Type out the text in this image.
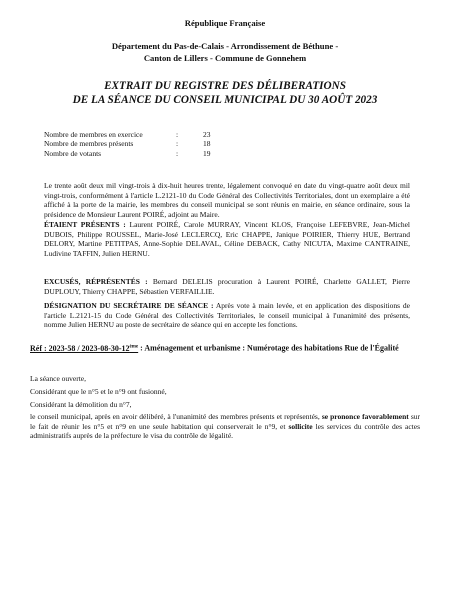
République Française
Département du Pas-de-Calais - Arrondissement de Béthune -
Canton de Lillers - Commune de Gonnehem
EXTRAIT DU REGISTRE DES DÉLIBERATIONS
DE LA SÉANCE DU CONSEIL MUNICIPAL DU 30 AOÛT 2023
Nombre de membres en exercice	:	23
Nombre de membres présents	:	18
Nombre de votants	:	19
Le trente août deux mil vingt-trois à dix-huit heures trente, légalement convoqué en date du vingt-quatre août deux mil vingt-trois, conformément à l'article L.2121-10 du Code Général des Collectivités Territoriales, dont un exemplaire a été affiché à la porte de la mairie, les membres du conseil municipal se sont réunis en mairie, en séance ordinaire, sous la présidence de Monsieur Laurent POIRÉ, adjoint au Maire.
ÉTAIENT PRÉSENTS : Laurent POIRÉ, Carole MURRAY, Vincent KLOS, Françoise LEFEBVRE, Jean-Michel DUBOIS, Philippe ROUSSEL, Marie-José LECLERCQ, Eric CHAPPE, Janique POIRIER, Thierry HUE, Bertrand DELORY, Martine PETITPAS, Anne-Sophie DELAVAL, Céline DEBACK, Cathy NICUTA, Maxime CANTRAINE, Ludivine TAFFIN, Julien HERNU.
EXCUSÉS, RÉPRÉSENTÉS : Bernard DELELIS procuration à Laurent POIRÉ, Charlette GALLET, Pierre DUPLOUY, Thierry CHAPPE, Sébastien VERFAILLIE.
DÉSIGNATION DU SECRÉTAIRE DE SÉANCE : Après vote à main levée, et en application des dispositions de l'article L.2121-15 du Code Général des Collectivités Territoriales, le conseil municipal à l'unanimité des présents, nomme Julien HERNU au poste de secrétaire de séance qui en accepte les fonctions.
Réf : 2023-58 / 2023-08-30-12ème : Aménagement et urbanisme : Numérotage des habitations Rue de l'Égalité
La séance ouverte,
Considérant que le n°5 et le n°9 ont fusionné,
Considérant la démolition du n°7,
le conseil municipal, après en avoir délibéré, à l'unanimité des membres présents et représentés, se prononce favorablement sur le fait de réunir les n°5 et n°9 en une seule habitation qui conserverait le n°9, et sollicite les services du contrôle des actes administratifs auprès de la préfecture le visa du contrôle de légalité.
